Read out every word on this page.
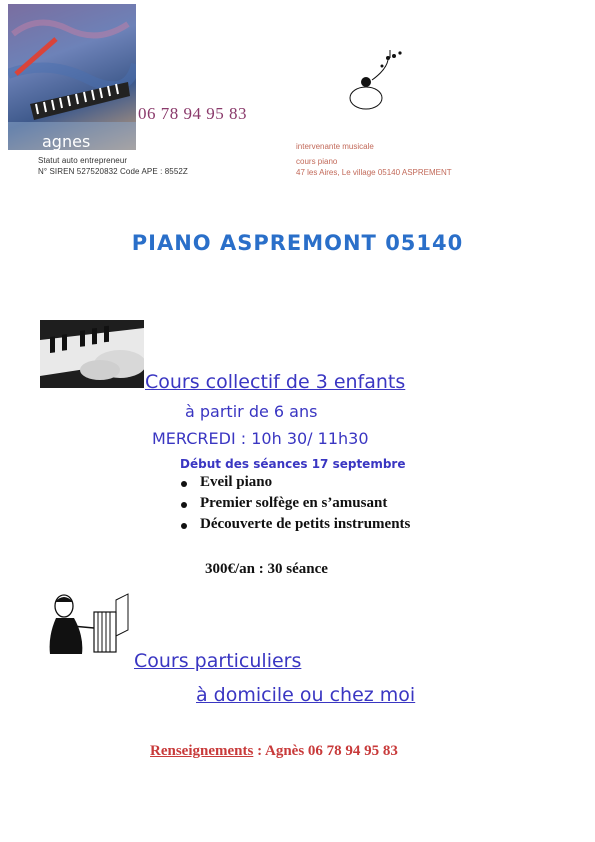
agnes
06 78 94 95 83
Statut auto entrepreneur
N° SIREN 527520832 Code APE : 8552Z
intervenante musicale
cours piano
47 les Aires, Le village 05140 ASPREMENT
PIANO ASPREMONT 05140
Cours collectif de 3 enfants
à partir de 6 ans
MERCREDI : 10h 30/ 11h30
Début des séances 17 septembre
Eveil piano
Premier solfège en s’amusant
Découverte de petits instruments
300€/an : 30 séance
Cours particuliers
à domicile ou chez moi
Renseignements : Agnès 06 78 94 95 83
